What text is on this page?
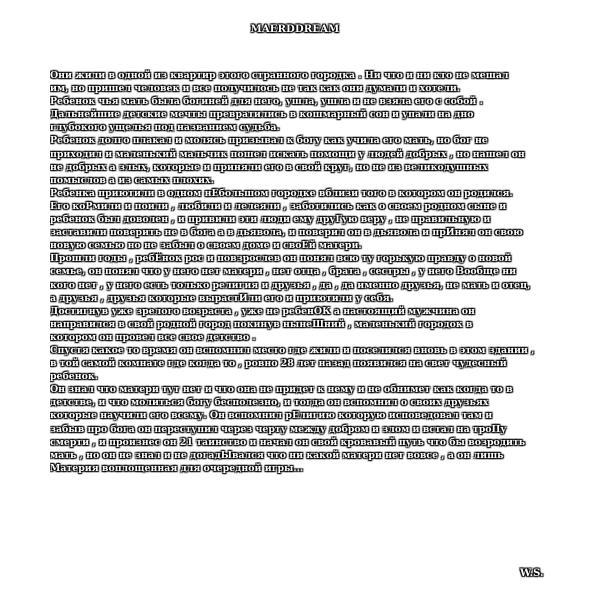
MAERDDREAM
Они жили в одной из квартир этого странного городка . Ни что и ни кто не мешал
им, но пришел человек и все получилось не так как они думали и хотели.
Ребенок чья мать была богиней для него, ушла, ушла и не взяла его с собой .
Дальнейшие детские мечты превратились в кошмарный сон и упали на дно
глубокого ущелья под названием судьба.
Ребенок долго плакал и молясь призывал к богу как учила его мать, но бог не
приходил и маленький мальчик пошел искать помощи у людей добрых , но нашел он
не добрых а злых, которые и приняли его в свой круг, но не из великодушных
помыслов а из самых плохих.
Ребенка приютили в одном нЕбольшом городке вблизи того в котором он родился.
Его коРмили и поили , любили и лелеяли , заботились как о своем родном сыне и
ребенок был доволен , и привили эти люди ему друГую веру , не правильную и
заставили поверить не в бога а в дьявола, и поверил он в дьявола и прИнял он свою
новую семью но не забыл о своем доме и своЕй матери.
Прошли годы , ребЁнок рос и повзрослев он понял всю ту горькую правду о новой
семье, он понял что у него нет матери , нет отца , брата , сестры , у него Вообще ни
кого нет , у него есть только религия и друзья , да , да именно друзья, не мать и отец,
а друзья , друзья которые вырастИли его и приютили у себя.
Достигнув уже зрелого возраста , уже не ребенОК а настоящий мужчина он
направился в свой родной город покинув нынеШний , маленький городок в
котором он провел все свое детство .
Спустя какое то время он вспомнил место где жили и поселился вновь в этом здании ,
в той самой комнате где когда то , ровно 28 лет назад появился на свет чудесный
ребенок.
Он знал что матери тут нет и что она не придет к нему и не обнимет как когда то в
детстве, и что молиться богу бесполезно, и тогда он вспомнил о своих друзьях
которые научили его всему. Он вспомнил рЕлигию которую исповедовал там и
забыв про бога он переступил через черту между добром и злом и встал на троПу
смерти , и произнес он 21 таинство и начал он свой кровавый путь что бы возродить
мать , но он не знал и не догадЫвался что ни какой матери нет вовсе , а он лишь
Материя воплощенная для очередной игры...
W.S.
